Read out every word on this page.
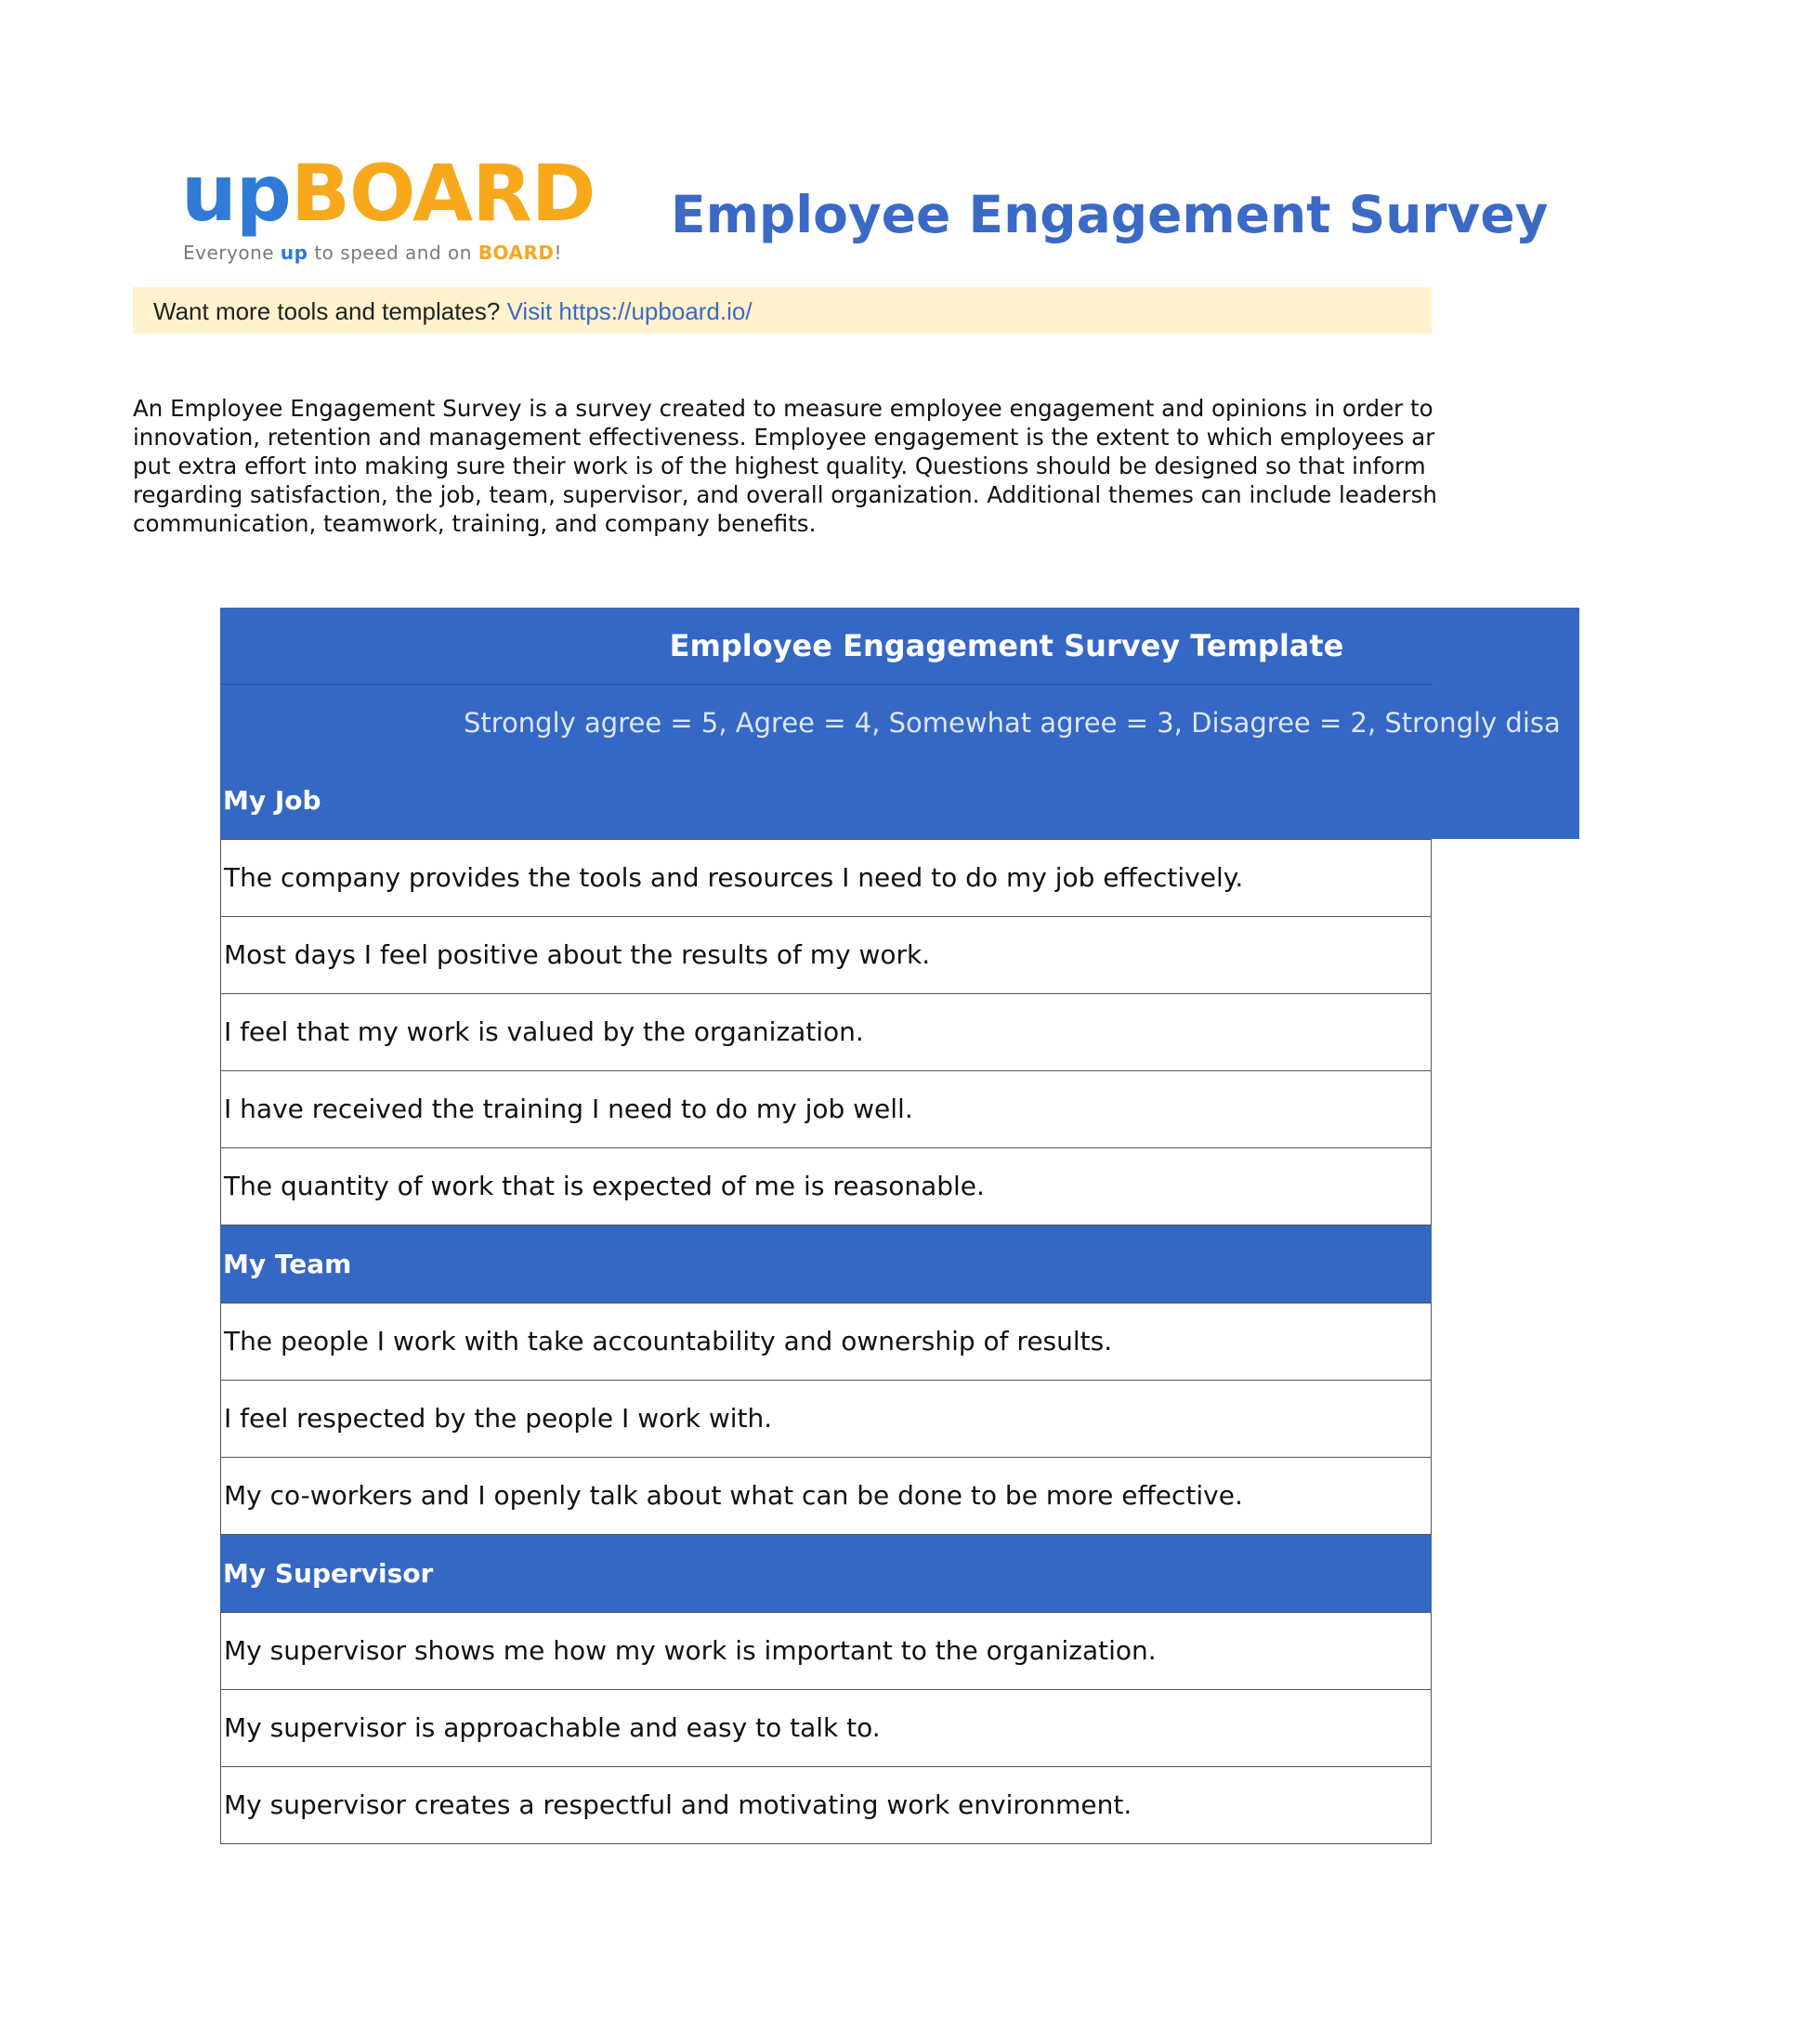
upBOARD
Everyone up to speed and on BOARD!
Employee Engagement Survey
Want more tools and templates? Visit https://upboard.io/
An Employee Engagement Survey is a survey created to measure employee engagement and opinions in order to
innovation, retention and management effectiveness. Employee engagement is the extent to which employees ar
put extra effort into making sure their work is of the highest quality. Questions should be designed so that inform
regarding satisfaction, the job, team, supervisor, and overall organization. Additional themes can include leadersh
communication, teamwork, training, and company benefits.
Employee Engagement Survey Template
Strongly agree = 5, Agree = 4, Somewhat agree = 3, Disagree = 2, Strongly disa
My Job
The company provides the tools and resources I need to do my job effectively.
Most days I feel positive about the results of my work.
I feel that my work is valued by the organization.
I have received the training I need to do my job well.
The quantity of work that is expected of me is reasonable.
My Team
The people I work with take accountability and ownership of results.
I feel respected by the people I work with.
My co-workers and I openly talk about what can be done to be more effective.
My Supervisor
My supervisor shows me how my work is important to the organization.
My supervisor is approachable and easy to talk to.
My supervisor creates a respectful and motivating work environment.
